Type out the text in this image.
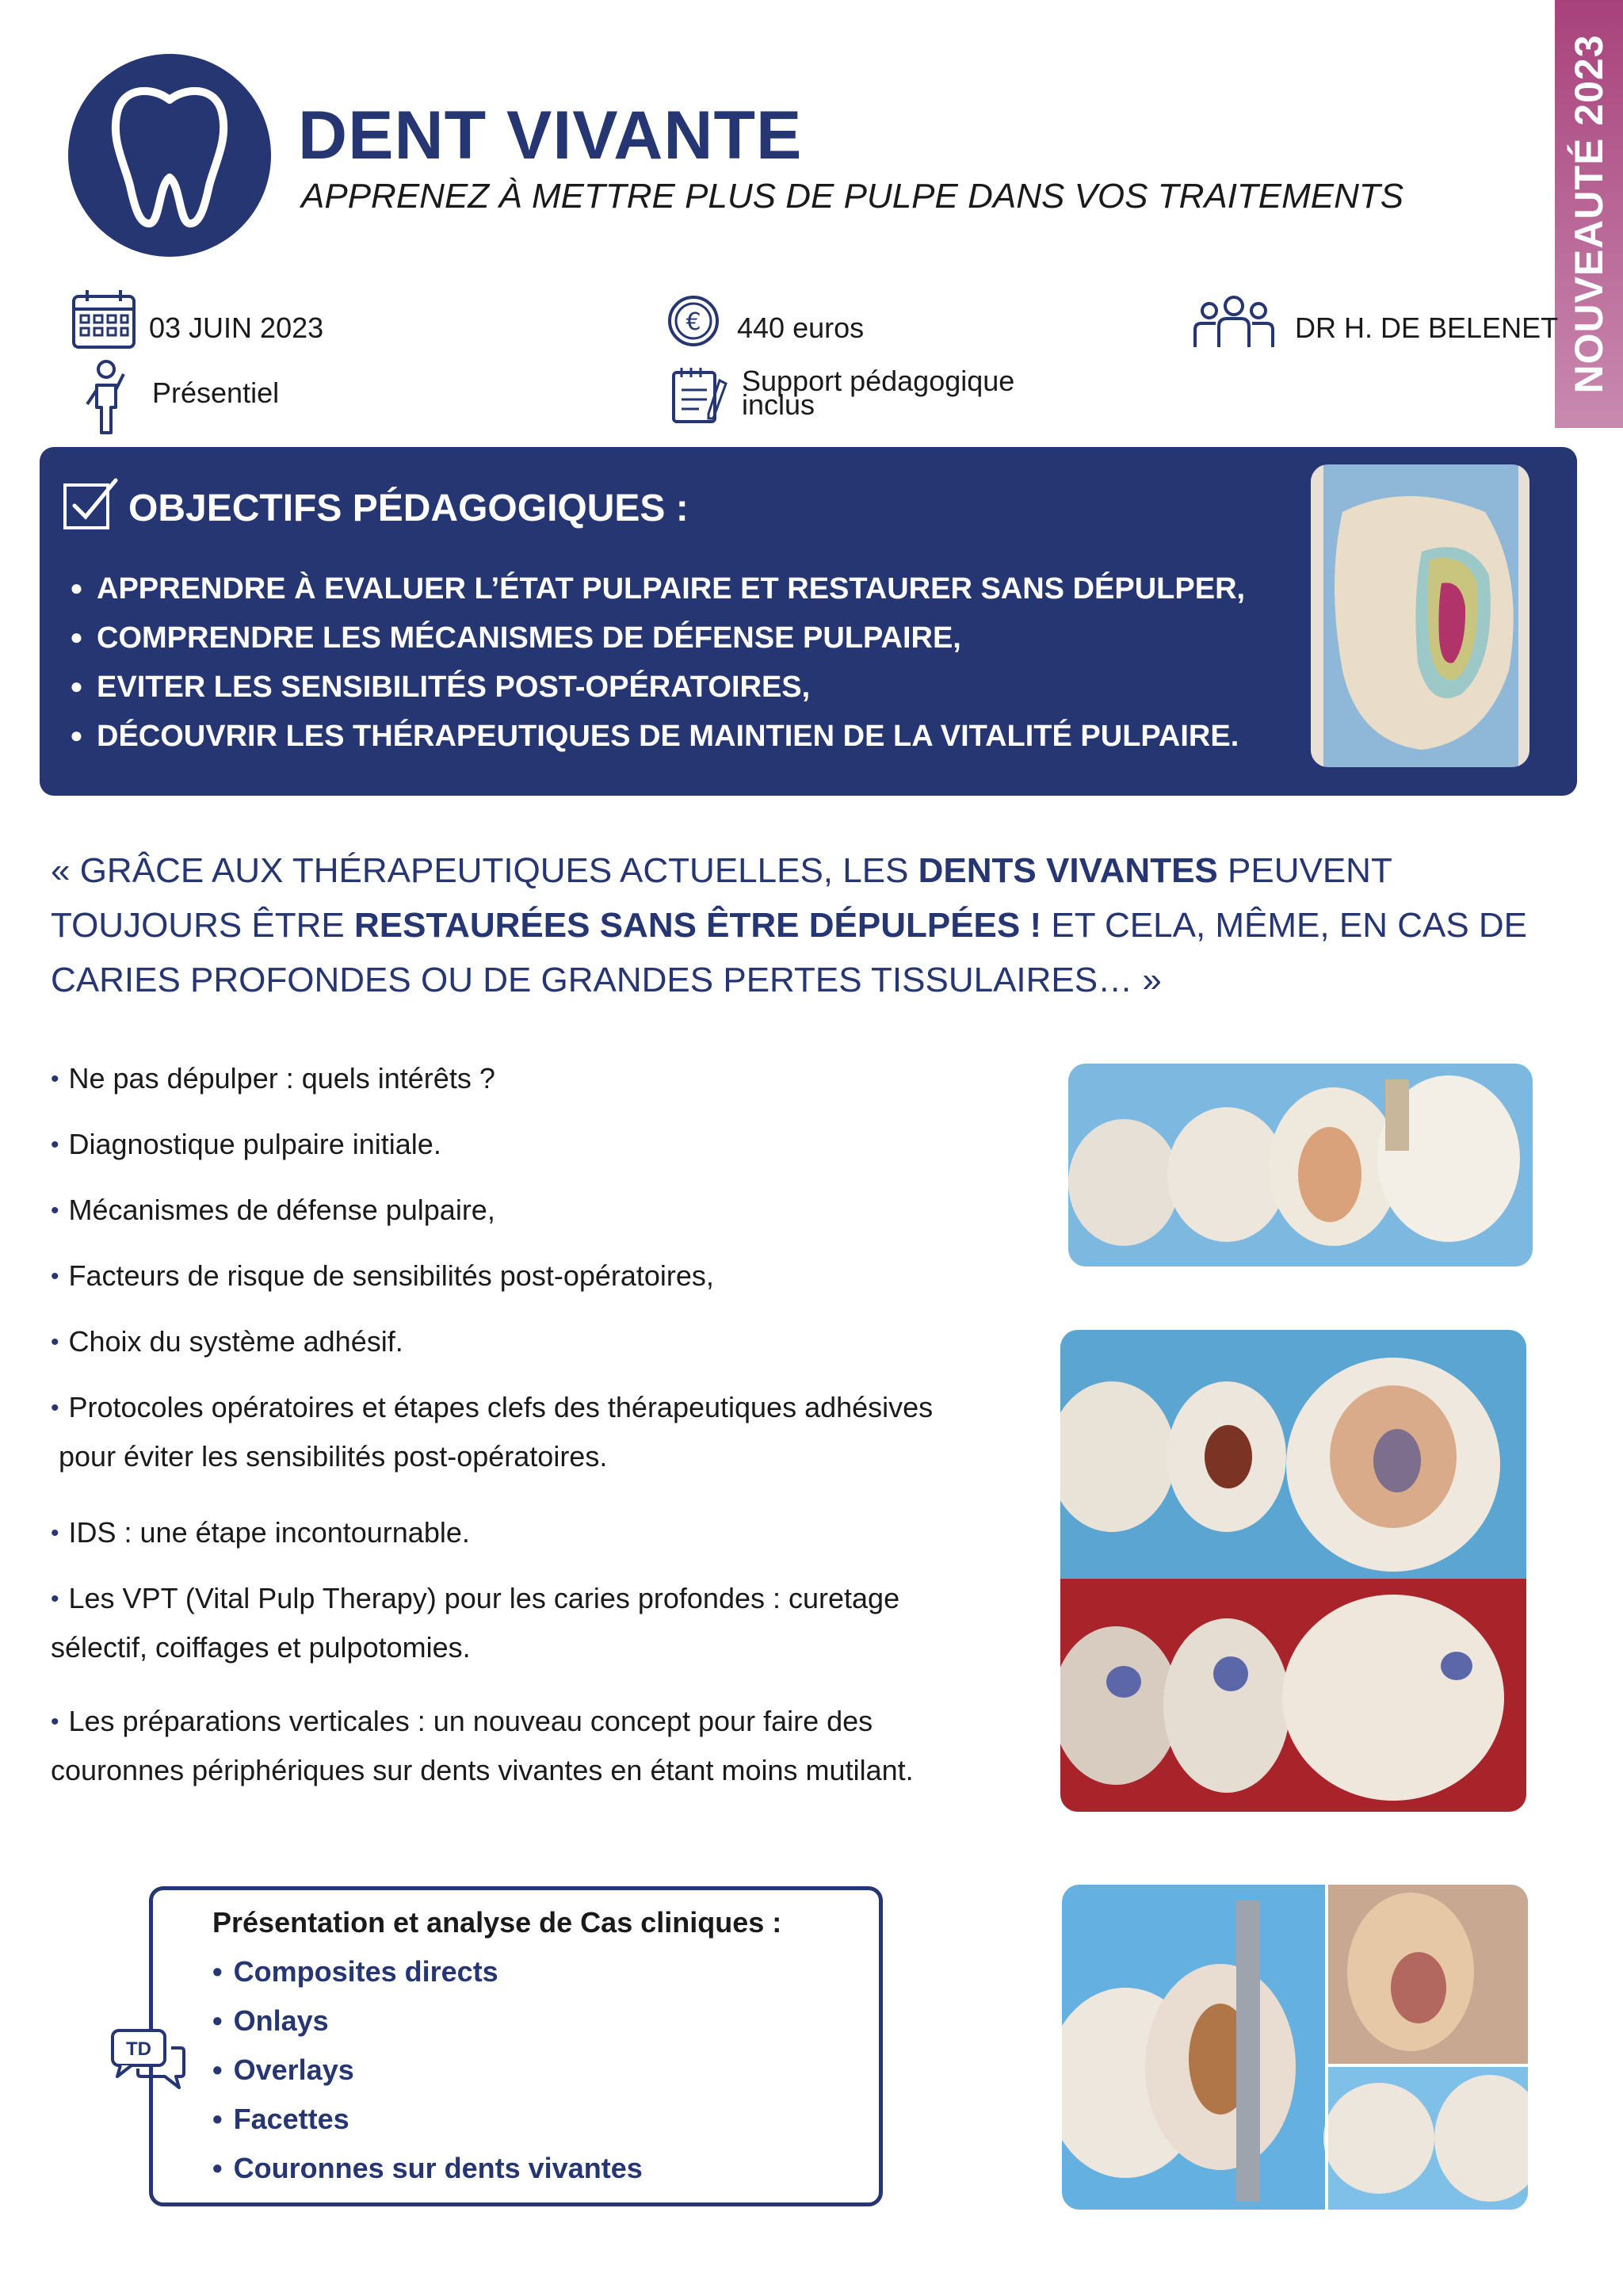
DENT VIVANTE
APPRENEZ À METTRE PLUS DE PULPE DANS VOS TRAITEMENTS	NOUVEAUTÉ 2023
03 JUIN 2023
Présentiel
€ 440 euros
Support pédagogique
inclus
DR H. DE BELENET
OBJECTIFS PÉDAGOGIQUES :
● APPRENDRE À EVALUER L’ÉTAT PULPAIRE ET RESTAURER SANS DÉPULPER,
● COMPRENDRE LES MÉCANISMES DE DÉFENSE PULPAIRE,
● EVITER LES SENSIBILITÉS POST-OPÉRATOIRES,
● DÉCOUVRIR LES THÉRAPEUTIQUES DE MAINTIEN DE LA VITALITÉ PULPAIRE.
« GRÂCE AUX THÉRAPEUTIQUES ACTUELLES, LES DENTS VIVANTES PEUVENT TOUJOURS ÊTRE RESTAURÉES SANS ÊTRE DÉPULPÉES ! ET CELA, MÊME, EN CAS DE CARIES PROFONDES OU DE GRANDES PERTES TISSULAIRES… »
• Ne pas dépulper : quels intérêts ?
• Diagnostique pulpaire initiale.
• Mécanismes de défense pulpaire,
• Facteurs de risque de sensibilités post-opératoires,
• Choix du système adhésif.
• Protocoles opératoires et étapes clefs des thérapeutiques adhésives
pour éviter les sensibilités post-opératoires.
• IDS : une étape incontournable.
• Les VPT (Vital Pulp Therapy) pour les caries profondes : curetage
sélectif, coiffages et pulpotomies.
• Les préparations verticales : un nouveau concept pour faire des
couronnes périphériques sur dents vivantes en étant moins mutilant.
TD
Présentation et analyse de Cas cliniques :
• Composites directs
• Onlays
• Overlays
• Facettes
• Couronnes sur dents vivantes
